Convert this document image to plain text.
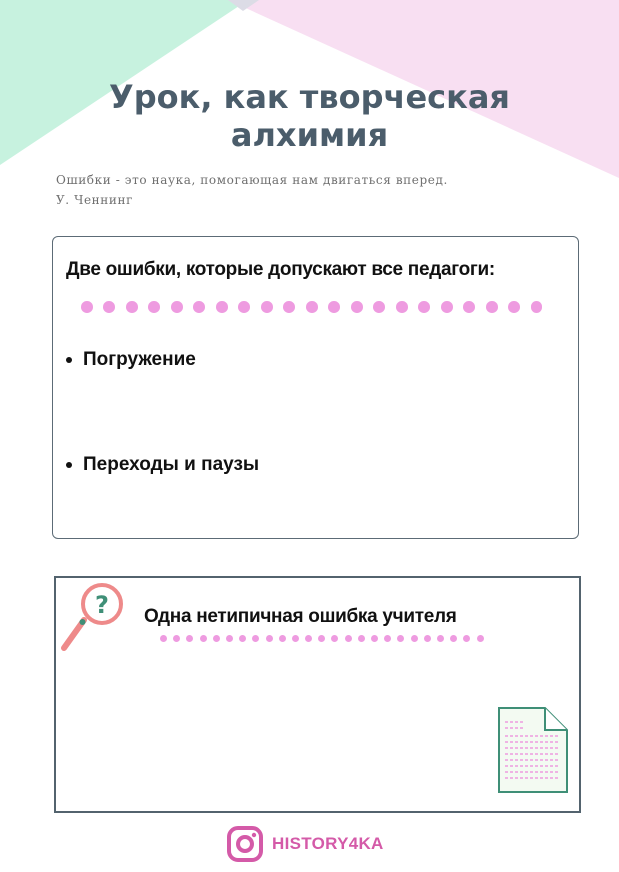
Урок, как творческая
алхимия
Ошибки - это наука, помогающая нам двигаться вперед.
У. Ченнинг
Две ошибки, которые допускают все педагоги:
Погружение
Переходы и паузы
Одна нетипичная ошибка учителя
?
HISTORY4KA
